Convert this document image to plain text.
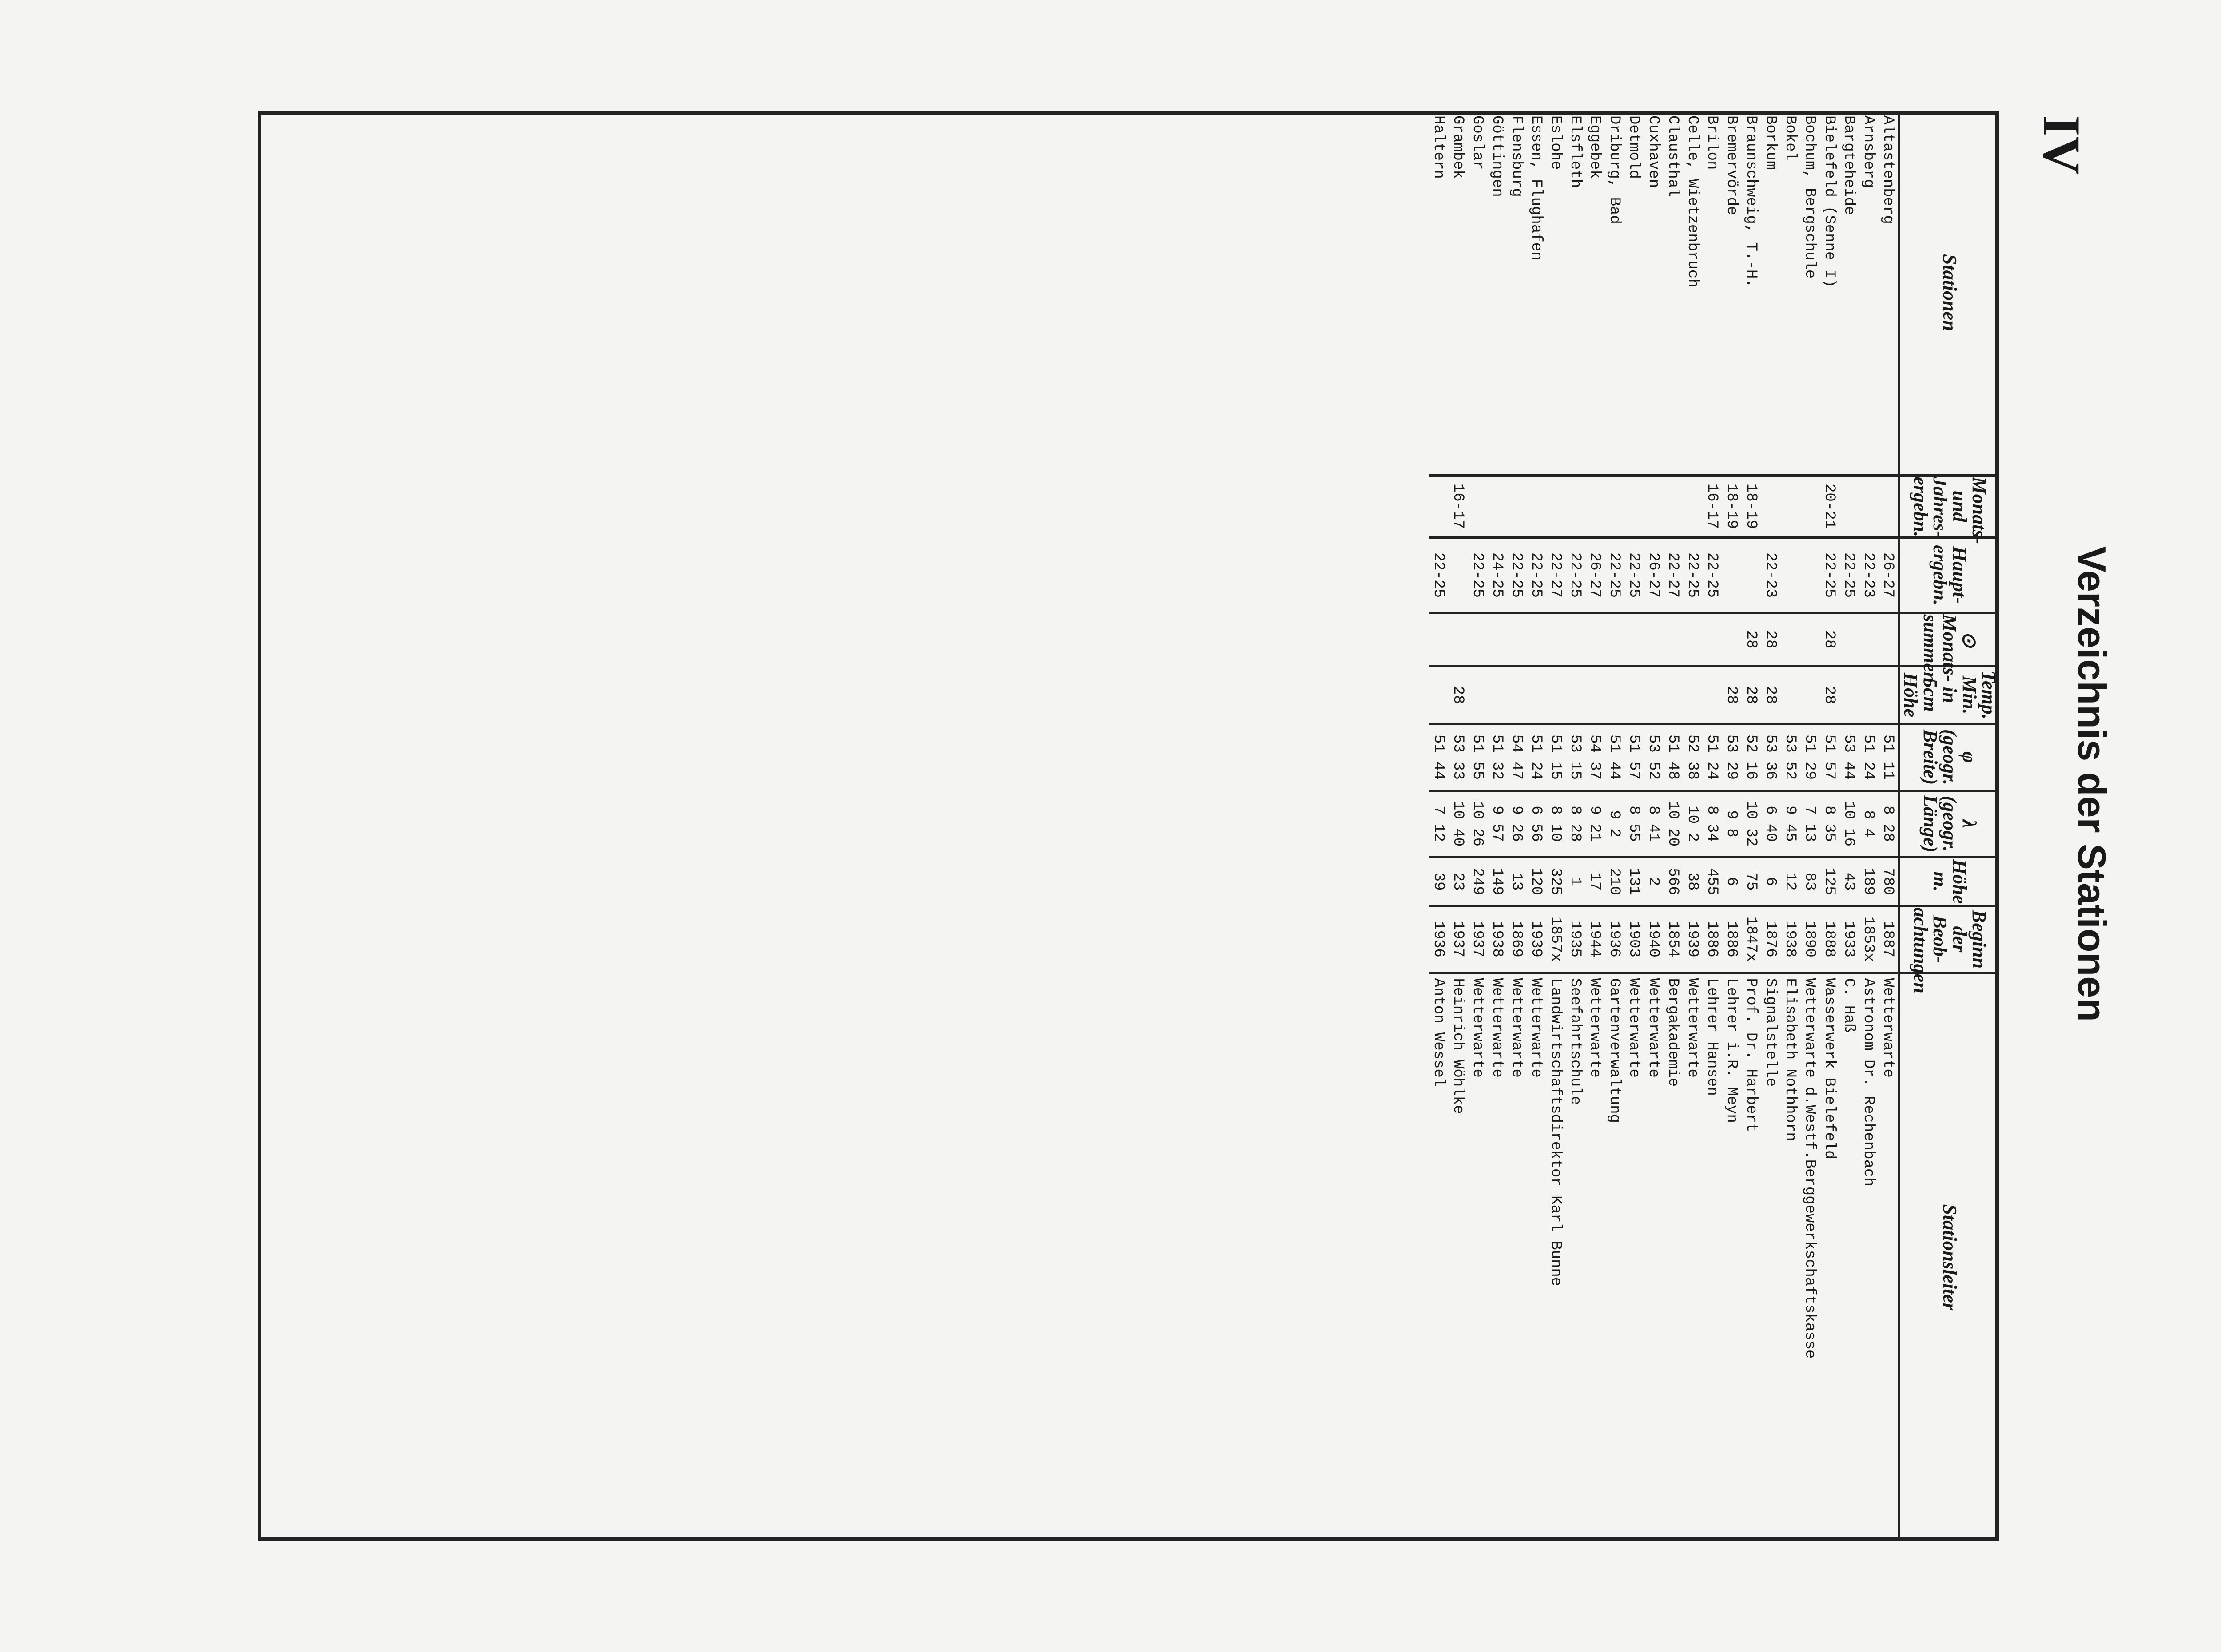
IV
Verzeichnis der Stationen
Stationen	Monats- und Jahres- ergebn.	Haupt- ergebn.	⊙ Monats- summen	Temp. Min. in 5cm Höhe	φ (geogr. Breite)	λ (geogr. Länge)	Höhe m.	Beginn der Beob- achtungen	Stationsleiter
Altastenberg		26-27			51 11	8 28	780	1887	Wetterwarte
Arnsberg		22-23			51 24	8 4	189	1853x	Astronom Dr. Rechenbach
Bargteheide		22-25			53 44	10 16	43	1933	C. Haß
Bielefeld (Senne I)	20-21	22-25	28	28	51 57	8 35	125	1888	Wasserwerk Bielefeld
Bochum, Bergschule					51 29	7 13	83	1890	Wetterwarte d.Westf.Berggewerkschaftskasse
Bokel					53 52	9 45	12	1938	Elisabeth Nothhorn
Borkum		22-23	28	28	53 36	6 40	6	1876	Signalstelle
Braunschweig, T.-H.	18-19		28	28	52 16	10 32	75	1847x	Prof. Dr. Harbert
Bremervörde	18-19			28	53 29	9 8	6	1886	Lehrer i.R. Meyn
Brilon	16-17	22-25			51 24	8 34	455	1886	Lehrer Hansen
Celle, Wietzenbruch		22-25			52 38	10 2	38	1939	Wetterwarte
Clausthal		22-27			51 48	10 20	566	1854	Bergakademie
Cuxhaven		26-27			53 52	8 41	2	1940	Wetterwarte
Detmold		22-25			51 57	8 55	131	1903	Wetterwarte
Driburg, Bad		22-25			51 44	9 2	210	1936	Gartenverwaltung
Eggebek		26-27			54 37	9 21	17	1944	Wetterwarte
Elsfleth		22-25			53 15	8 28	1	1935	Seefahrtschule
Eslohe		22-27			51 15	8 10	325	1857x	Landwirtschaftsdirektor Karl Bunne
Essen, Flughafen		22-25			51 24	6 56	120	1939	Wetterwarte
Flensburg		22-25			54 47	9 26	13	1869	Wetterwarte
Göttingen		24-25			51 32	9 57	149	1938	Wetterwarte
Goslar		22-25			51 55	10 26	249	1937	Wetterwarte
Grambek	16-17			28	53 33	10 40	23	1937	Heinrich Wöhlke
Haltern		22-25			51 44	7 12	39	1936	Anton Wessel
